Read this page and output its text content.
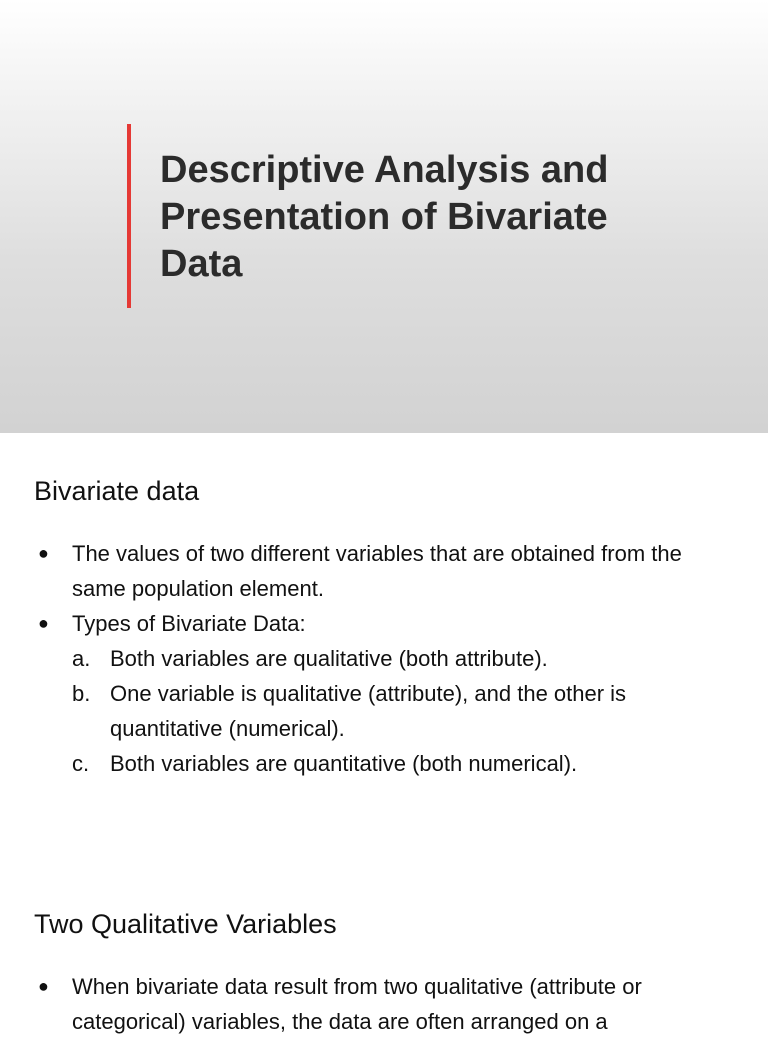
Descriptive Analysis and
Presentation of Bivariate
Data
Bivariate data
● The values of two different variables that are obtained from the same population element.
● Types of Bivariate Data:
a. Both variables are qualitative (both attribute).
b. One variable is qualitative (attribute), and the other is quantitative (numerical).
c. Both variables are quantitative (both numerical).
Two Qualitative Variables
● When bivariate data result from two qualitative (attribute or categorical) variables, the data are often arranged on a
